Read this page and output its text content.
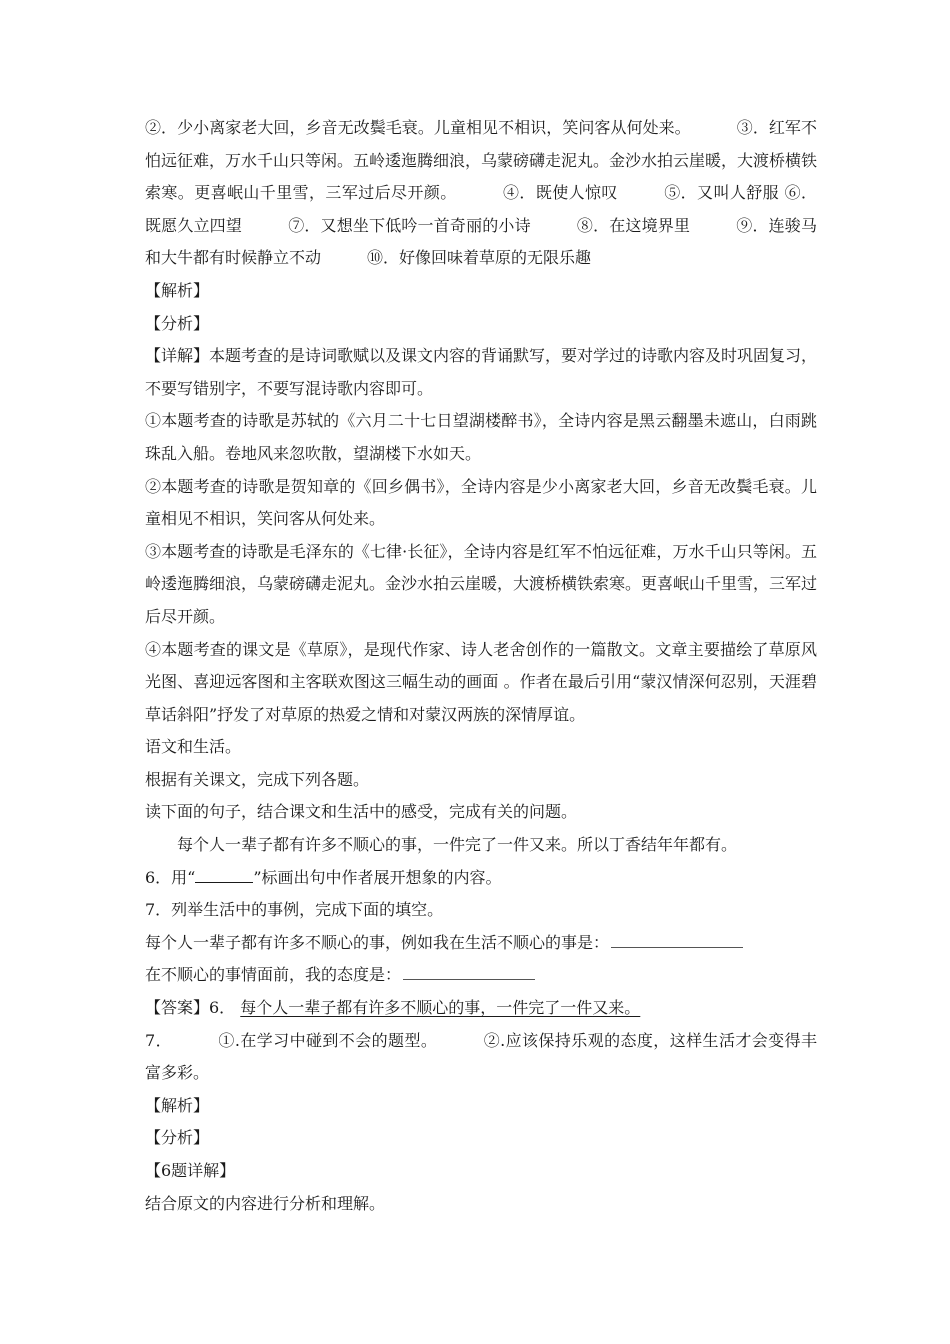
②．少小离家老大回，乡音无改鬓毛衰。儿童相见不相识，笑问客从何处来。	③．红军不怕远征难，万水千山只等闲。五岭逶迤腾细浪，乌蒙磅礴走泥丸。金沙水拍云崖暖，大渡桥横铁索寒。更喜岷山千里雪，三军过后尽开颜。	④．既使人惊叹	⑤．又叫人舒服 ⑥．既愿久立四望	⑦．又想坐下低吟一首奇丽的小诗	⑧．在这境界里	⑨．连骏马和大牛都有时候静立不动	⑩．好像回味着草原的无限乐趣

【解析】

【分析】

【详解】本题考查的是诗词歌赋以及课文内容的背诵默写，要对学过的诗歌内容及时巩固复习，不要写错别字，不要写混诗歌内容即可。

①本题考查的诗歌是苏轼的《六月二十七日望湖楼醉书》，全诗内容是黑云翻墨未遮山，白雨跳珠乱入船。卷地风来忽吹散，望湖楼下水如天。

②本题考查的诗歌是贺知章的《回乡偶书》，全诗内容是少小离家老大回，乡音无改鬓毛衰。儿童相见不相识，笑问客从何处来。

③本题考查的诗歌是毛泽东的《七律·长征》，全诗内容是红军不怕远征难，万水千山只等闲。五岭逶迤腾细浪，乌蒙磅礴走泥丸。金沙水拍云崖暖，大渡桥横铁索寒。更喜岷山千里雪，三军过后尽开颜。

④本题考查的课文是《草原》，是现代作家、诗人老舍创作的一篇散文。文章主要描绘了草原风光图、喜迎远客图和主客联欢图这三幅生动的画面 。作者在最后引用“蒙汉情深何忍别，天涯碧草话斜阳”抒发了对草原的热爱之情和对蒙汉两族的深情厚谊。

语文和生活。

根据有关课文，完成下列各题。

读下面的句子，结合课文和生活中的感受，完成有关的问题。

每个人一辈子都有许多不顺心的事，一件完了一件又来。所以丁香结年年都有。

6．用“	”标画出句中作者展开想象的内容。

7．列举生活中的事例，完成下面的填空。

每个人一辈子都有许多不顺心的事，例如我在生活不顺心的事是：

在不顺心的事情面前，我的态度是：

【答案】6． 每个人一辈子都有许多不顺心的事，一件完了一件又来。

7．	①.在学习中碰到不会的题型。	②.应该保持乐观的态度，这样生活才会变得丰富多彩。

【解析】

【分析】

【6题详解】

结合原文的内容进行分析和理解。
